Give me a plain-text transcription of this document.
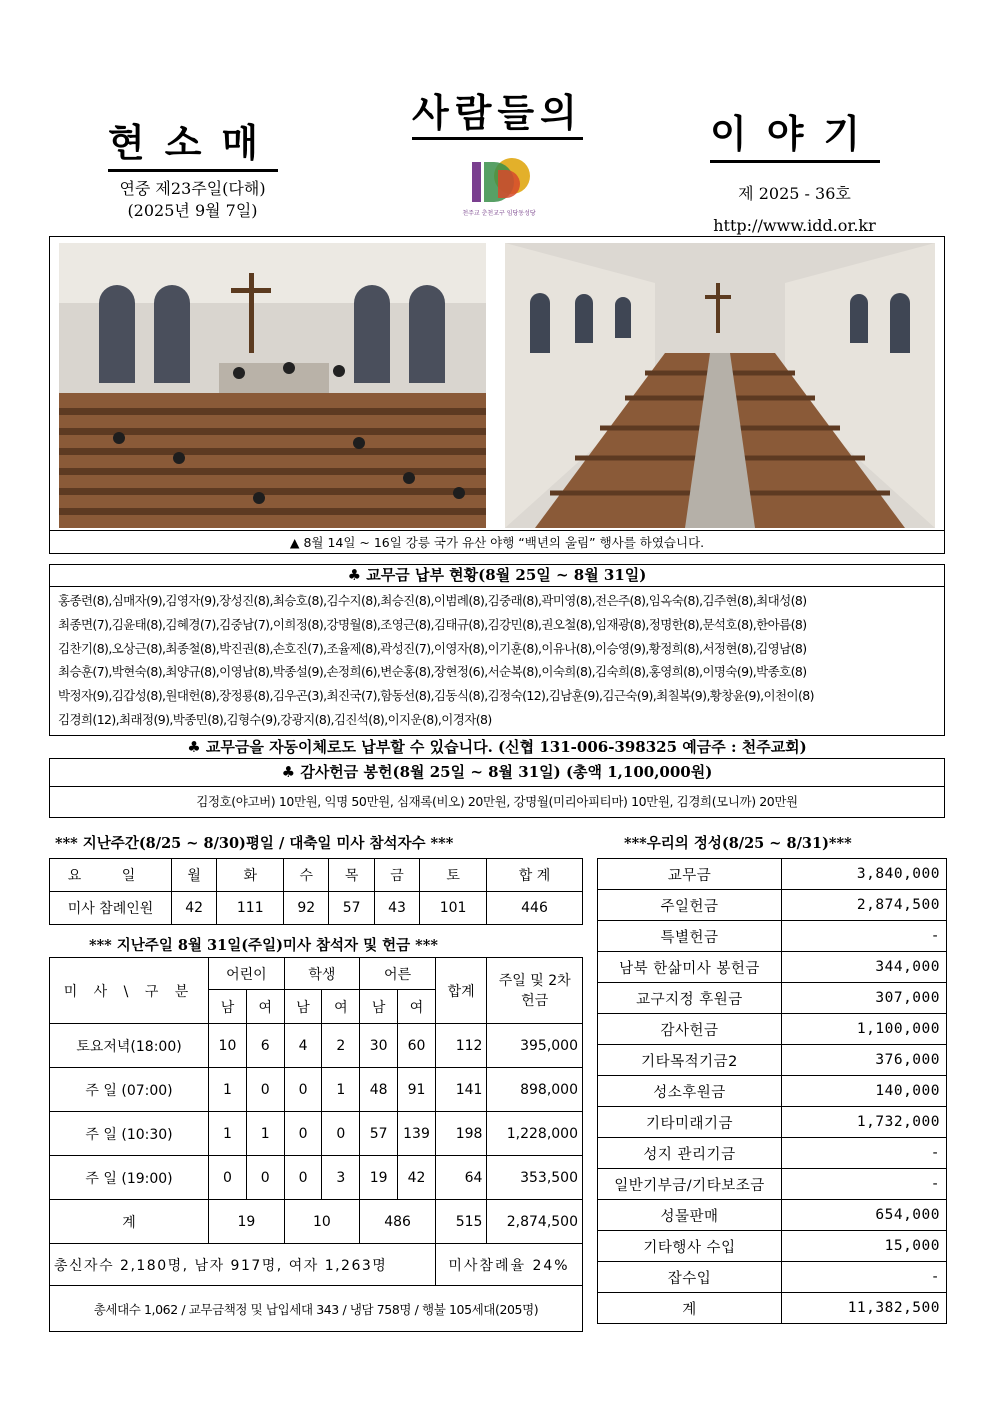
현소매
사람들의	이야기
연중 제23주일(다해)
(2025년 9월 7일)	천주교 춘천교구 임당동성당
제 2025 - 36호
http://www.idd.or.kr
▲ 8월 14일 ~ 16일 강릉 국가 유산 야행 “백년의 울림” 행사를 하였습니다.
♣ 교무금 납부 현황(8월 25일 ~ 8월 31일)
홍종련(8),심매자(9),김영자(9),장성진(8),최승호(8),김수지(8),최승진(8),이범례(8),김중래(8),곽미영(8),전은주(8),임옥숙(8),김주현(8),최대성(8)
최종면(7),김윤태(8),김혜경(7),김중남(7),이희정(8),강명월(8),조영근(8),김태규(8),김강민(8),권오철(8),임재광(8),정명한(8),문석호(8),한아름(8)
김찬기(8),오상근(8),최종철(8),박진권(8),손호진(7),조율제(8),곽성진(7),이영자(8),이기훈(8),이유나(8),이승영(9),황정희(8),서정현(8),김영남(8)
최승훈(7),박현숙(8),최양규(8),이영남(8),박종설(9),손정희(6),변순홍(8),장현정(6),서순복(8),이숙희(8),김숙희(8),홍영희(8),이명숙(9),박종호(8)
박정자(9),김갑성(8),원대헌(8),장정룡(8),김우곤(3),최진국(7),함동선(8),김동식(8),김정숙(12),김남훈(9),김근숙(9),최칠복(9),황창윤(9),이천이(8)
김경희(12),최래정(9),박종민(8),김형수(9),강광지(8),김진석(8),이지운(8),이경자(8)
♣ 교무금을 자동이체로도 납부할 수 있습니다. (신협 131-006-398325 예금주 : 천주교회)
♣ 감사헌금 봉헌(8월 25일 ~ 8월 31일) (총액 1,100,000원)
김정호(야고버) 10만원, 익명 50만원, 심재록(비오) 20만원, 강명월(미리아피티마) 10만원, 김경희(모니까) 20만원
*** 지난주간(8/25 ~ 8/30)평일 / 대축일 미사 참석자수 ***
요 일	월	화	수	목	금	토	합 계
미사 참례인원	42	111	92	57	43	101	446
*** 지난주일 8월 31일(주일)미사 참석자 및 헌금 ***
미 사 \ 구 분	어린이		학생		어른		합계	주일 및 2차헌금
	남	여	남	여	남	여		
토요저녁(18:00)	10	6	4	2	30	60	112	395,000
주 일 (07:00)	1	0	0	1	48	91	141	898,000
주 일 (10:30)	1	1	0	0	57	139	198	1,228,000
주 일 (19:00)	0	0	0	3	19	42	64	353,500
계	19		10		486		515	2,874,500
총신자수 2,180명, 남자 917명, 여자 1,263명							미사참례율 24%	
총세대수 1,062 / 교무금책정 및 납입세대 343 / 냉담 758명 / 행불 105세대(205명)								
***우리의 정성(8/25 ~ 8/31)***
교무금	3,840,000
주일헌금	2,874,500
특별헌금	-
남북 한삶미사 봉헌금	344,000
교구지정 후원금	307,000
감사헌금	1,100,000
기타목적기금2	376,000
성소후원금	140,000
기타미래기금	1,732,000
성지 관리기금	-
일반기부금/기타보조금	-
성물판매	654,000
기타행사 수입	15,000
잡수입	-
계	11,382,500
